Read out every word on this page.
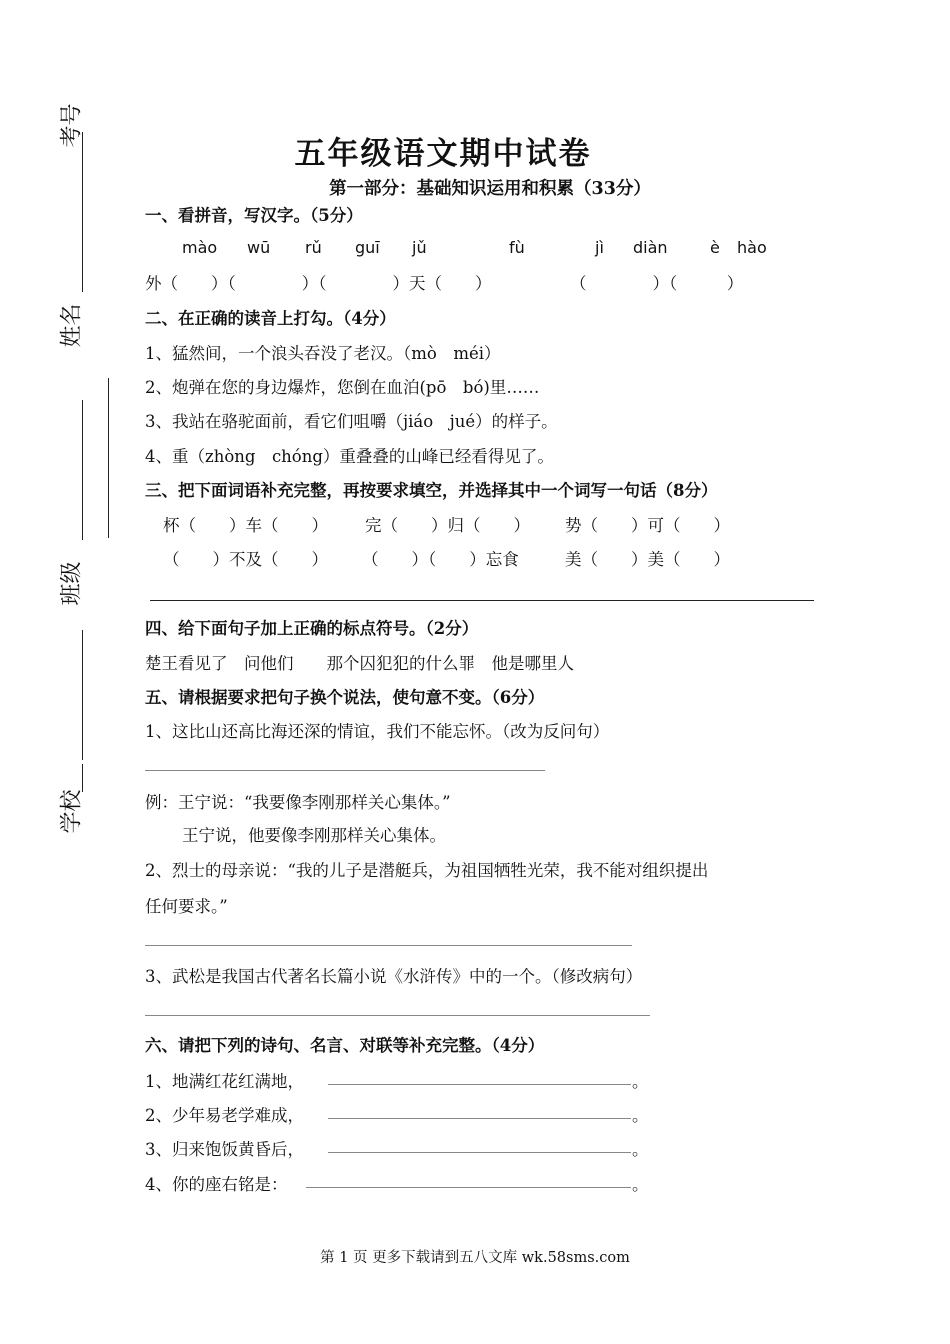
考号
姓名
班级
学校
五年级语文期中试卷
第一部分：基础知识运用和积累（33分）
一、看拼音，写汉字。（5分）
mào wū rǔ guī jǔ	fù	jì diàn	è hào
外（　　）（　　　　）（　　　　）天（　　）	（　　　　）（　　　）
二、在正确的读音上打勾。（4分）
1、猛然间，一个浪头吞没了老汉。（mò　méi）
2、炮弹在您的身边爆炸，您倒在血泊(pō　bó)里……
3、我站在骆驼面前，看它们咀嚼（jiáo　jué）的样子。
4、重（zhòng　chóng）重叠叠的山峰已经看得见了。
三、把下面词语补充完整，再按要求填空，并选择其中一个词写一句话（8分）
杯（　　）车（　　） 完（　　）归（　　） 势（　　）可（　　）
（　　）不及（　　） （　　）（　　）忘食	美（　　）美（　　）
四、给下面句子加上正确的标点符号。（2分）
楚王看见了　问他们　　那个囚犯犯的什么罪　他是哪里人
五、请根据要求把句子换个说法，使句意不变。（6分）
1、这比山还高比海还深的情谊，我们不能忘怀。（改为反问句）
例：王宁说：“我要像李刚那样关心集体。”
王宁说，他要像李刚那样关心集体。
2、烈士的母亲说：“我的儿子是潜艇兵，为祖国牺牲光荣，我不能对组织提出
任何要求。”
3、武松是我国古代著名长篇小说《水浒传》中的一个。（修改病句）
六、请把下列的诗句、名言、对联等补充完整。（4分）
1、地满红花红满地，	。
2、少年易老学难成，	。
3、归来饱饭黄昏后，	。
4、你的座右铭是：	。
第 1 页 更多下载请到五八文库 wk.58sms.com
